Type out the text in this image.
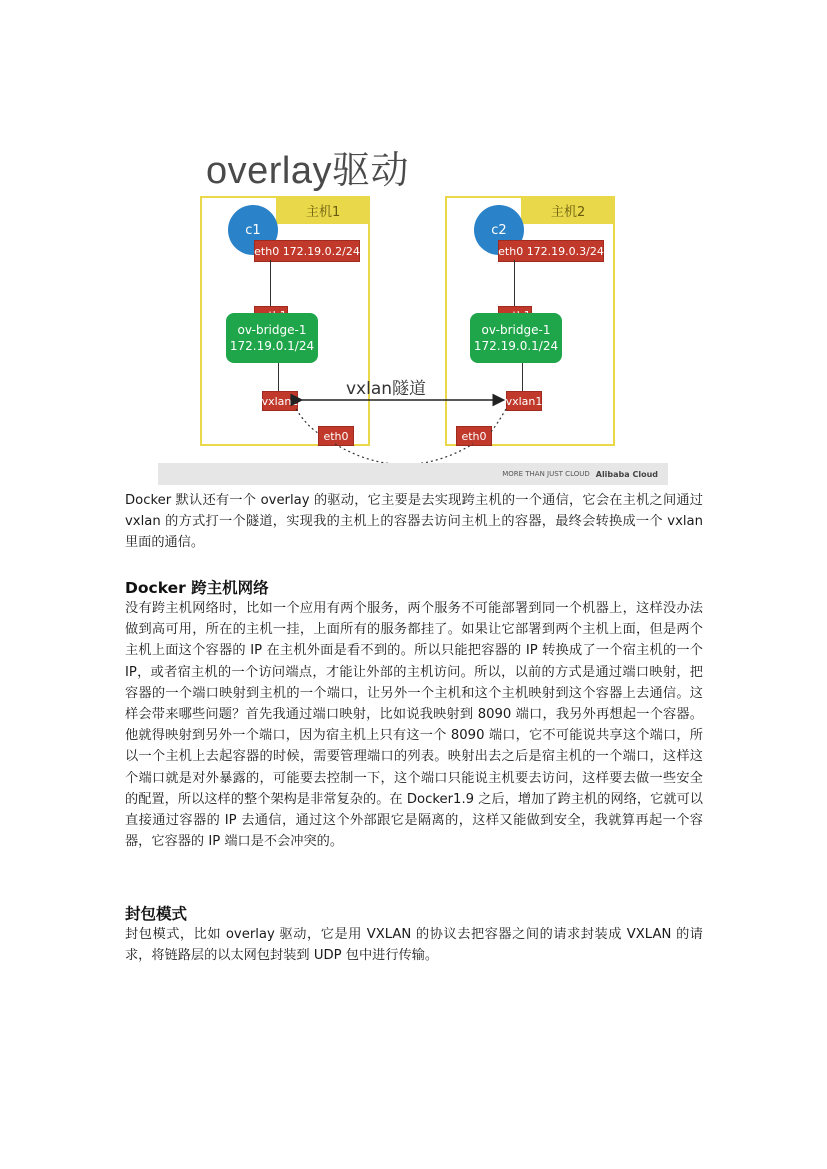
overlay驱动
主机1
c1
eth0 172.19.0.2/24
ov-bridge-1
172.19.0.1/24
vxlan1
eth0
主机2
c2
eth0 172.19.0.3/24
ov-bridge-1
172.19.0.1/24
vxlan1
eth0
vxlan隧道
MORE THAN JUST CLOUD Alibaba Cloud
Docker 默认还有一个 overlay 的驱动，它主要是去实现跨主机的一个通信，它会在主机之间通过 vxlan 的方式打一个隧道，实现我的主机上的容器去访问主机上的容器，最终会转换成一个 vxlan 里面的通信。
Docker 跨主机网络
没有跨主机网络时，比如一个应用有两个服务，两个服务不可能部署到同一个机器上，这样没办法做到高可用，所在的主机一挂，上面所有的服务都挂了。如果让它部署到两个主机上面，但是两个主机上面这个容器的 IP 在主机外面是看不到的。所以只能把容器的 IP 转换成了一个宿主机的一个 IP，或者宿主机的一个访问端点，才能让外部的主机访问。所以，以前的方式是通过端口映射，把容器的一个端口映射到主机的一个端口，让另外一个主机和这个主机映射到这个容器上去通信。这样会带来哪些问题？首先我通过端口映射，比如说我映射到 8090 端口，我另外再想起一个容器。他就得映射到另外一个端口，因为宿主机上只有这一个 8090 端口，它不可能说共享这个端口，所以一个主机上去起容器的时候，需要管理端口的列表。映射出去之后是宿主机的一个端口，这样这个端口就是对外暴露的，可能要去控制一下，这个端口只能说主机要去访问，这样要去做一些安全的配置，所以这样的整个架构是非常复杂的。在 Docker1.9 之后，增加了跨主机的网络，它就可以直接通过容器的 IP 去通信，通过这个外部跟它是隔离的，这样又能做到安全，我就算再起一个容器，它容器的 IP 端口是不会冲突的。
封包模式
封包模式，比如 overlay 驱动，它是用 VXLAN 的协议去把容器之间的请求封装成 VXLAN 的请求，将链路层的以太网包封装到 UDP 包中进行传输。
